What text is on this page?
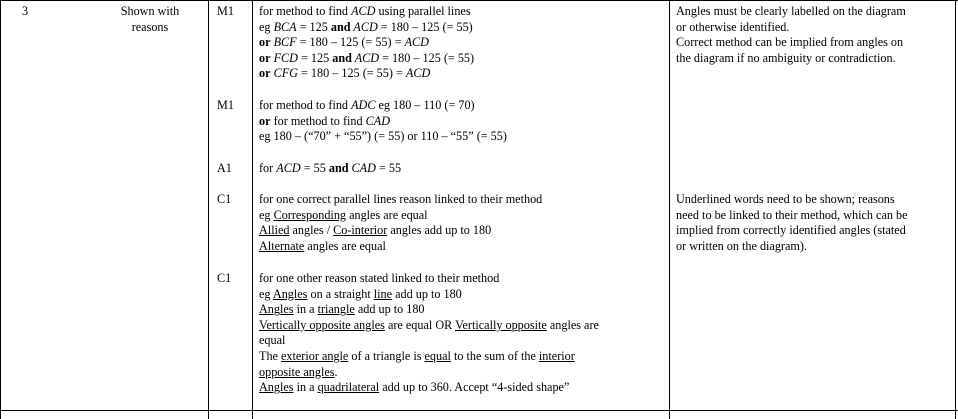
3	Shown with
reasons
M1
M1
A1
C1
C1
for method to find ACD using parallel lines
eg BCA = 125 and ACD = 180 – 125 (= 55)
or BCF = 180 – 125 (= 55) = ACD
or FCD = 125 and ACD = 180 – 125 (= 55)
or CFG = 180 – 125 (= 55) = ACD
for method to find ADC eg 180 – 110 (= 70)
or for method to find CAD
eg 180 – (“70” + “55”) (= 55) or 110 – “55” (= 55)
for ACD = 55 and CAD = 55
for one correct parallel lines reason linked to their method
eg Corresponding angles are equal
Allied angles / Co-interior angles add up to 180
Alternate angles are equal
for one other reason stated linked to their method
eg Angles on a straight line add up to 180
Angles in a triangle add up to 180
Vertically opposite angles are equal OR Vertically opposite angles are
equal
The exterior angle of a triangle is equal to the sum of the interior
opposite angles.
Angles in a quadrilateral add up to 360. Accept “4-sided shape”
Angles must be clearly labelled on the diagram
or otherwise identified.
Correct method can be implied from angles on
the diagram if no ambiguity or contradiction.
Underlined words need to be shown; reasons
need to be linked to their method, which can be
implied from correctly identified angles (stated
or written on the diagram).
